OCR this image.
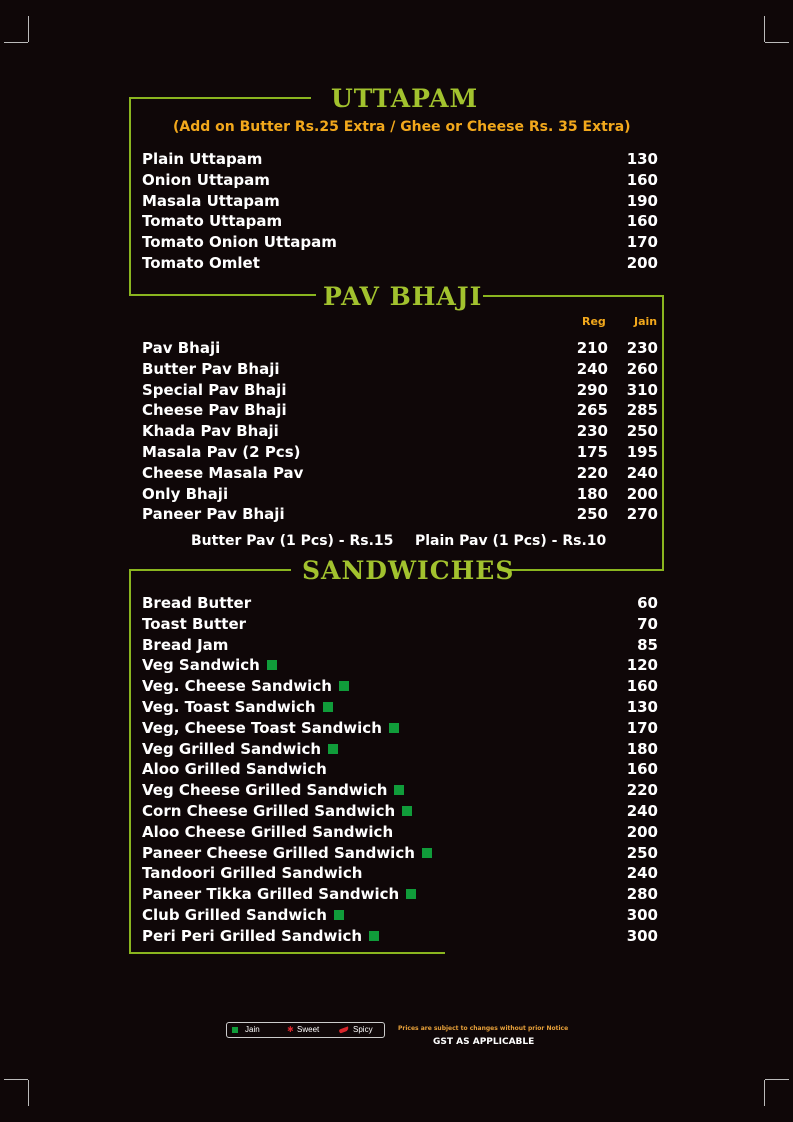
UTTAPAM
(Add on Butter Rs.25 Extra / Ghee or Cheese Rs. 35 Extra)
Plain Uttapam	130
Onion Uttapam	160
Masala Uttapam	190
Tomato Uttapam	160
Tomato Onion Uttapam	170
Tomato Omlet	200
PAV BHAJI
Reg	Jain
Pav Bhaji	210	230
Butter Pav Bhaji	240	260
Special Pav Bhaji	290	310
Cheese Pav Bhaji	265	285
Khada Pav Bhaji	230	250
Masala Pav (2 Pcs)	175	195
Cheese Masala Pav	220	240
Only Bhaji	180	200
Paneer Pav Bhaji	250	270
Butter Pav (1 Pcs) - Rs.15 Plain Pav (1 Pcs) - Rs.10
SANDWICHES
Bread Butter	60
Toast Butter	70
Bread Jam	85
Veg Sandwich	120
Veg. Cheese Sandwich	160
Veg. Toast Sandwich	130
Veg, Cheese Toast Sandwich	170
Veg Grilled Sandwich	180
Aloo Grilled Sandwich	160
Veg Cheese Grilled Sandwich	220
Corn Cheese Grilled Sandwich	240
Aloo Cheese Grilled Sandwich	200
Paneer Cheese Grilled Sandwich	250
Tandoori Grilled Sandwich	240
Paneer Tikka Grilled Sandwich	280
Club Grilled Sandwich	300
Peri Peri Grilled Sandwich	300
Jain	✱ Sweet	Spicy	Prices are subject to changes without prior Notice
GST AS APPLICABLE
